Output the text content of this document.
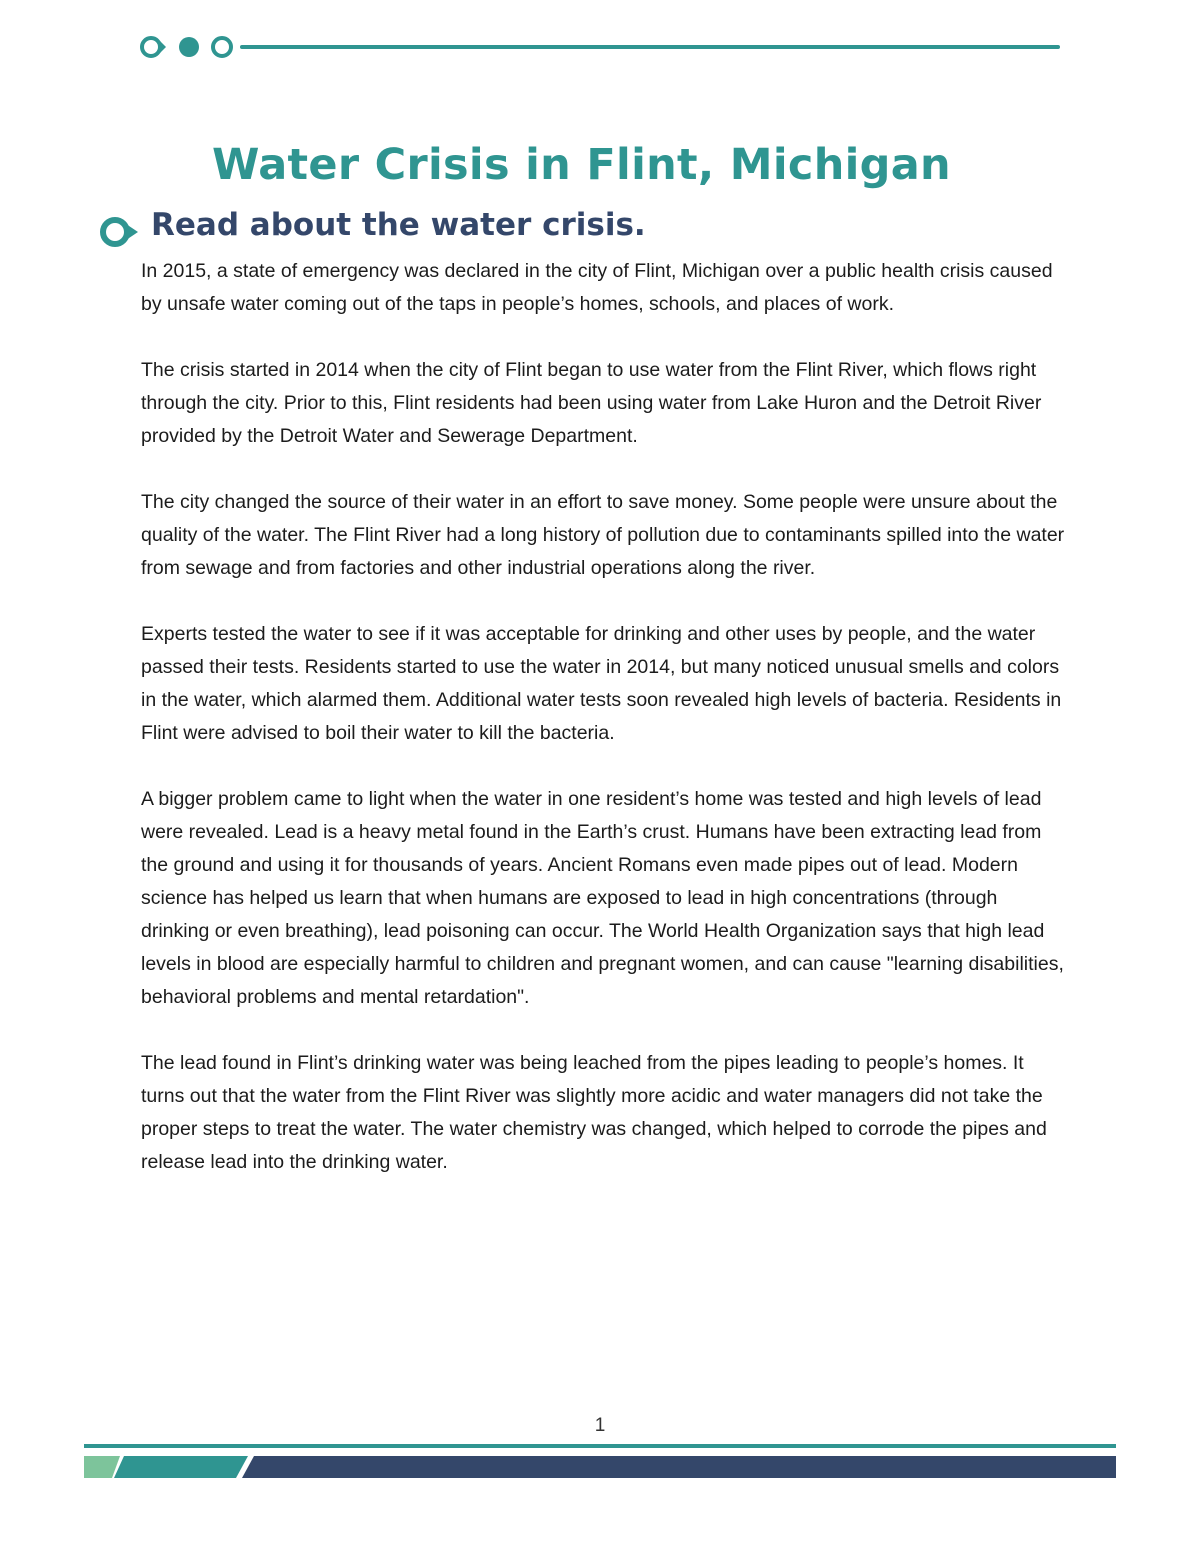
Water Crisis in Flint, Michigan
Read about the water crisis.

In 2015, a state of emergency was declared in the city of Flint, Michigan over a public health crisis caused by unsafe water coming out of the taps in people’s homes, schools, and places of work.

The crisis started in 2014 when the city of Flint began to use water from the Flint River, which flows right through the city. Prior to this, Flint residents had been using water from Lake Huron and the Detroit River provided by the Detroit Water and Sewerage Department.

The city changed the source of their water in an effort to save money. Some people were unsure about the quality of the water. The Flint River had a long history of pollution due to contaminants spilled into the water from sewage and from factories and other industrial operations along the river.

Experts tested the water to see if it was acceptable for drinking and other uses by people, and the water passed their tests. Residents started to use the water in 2014, but many noticed unusual smells and colors in the water, which alarmed them. Additional water tests soon revealed high levels of bacteria. Residents in Flint were advised to boil their water to kill the bacteria.

A bigger problem came to light when the water in one resident’s home was tested and high levels of lead were revealed. Lead is a heavy metal found in the Earth’s crust. Humans have been extracting lead from the ground and using it for thousands of years. Ancient Romans even made pipes out of lead. Modern science has helped us learn that when humans are exposed to lead in high concentrations (through drinking or even breathing), lead poisoning can occur. The World Health Organization says that high lead levels in blood are especially harmful to children and pregnant women, and can cause "learning disabilities, behavioral problems and mental retardation".

The lead found in Flint’s drinking water was being leached from the pipes leading to people’s homes. It turns out that the water from the Flint River was slightly more acidic and water managers did not take the proper steps to treat the water. The water chemistry was changed, which helped to corrode the pipes and release lead into the drinking water.

1
